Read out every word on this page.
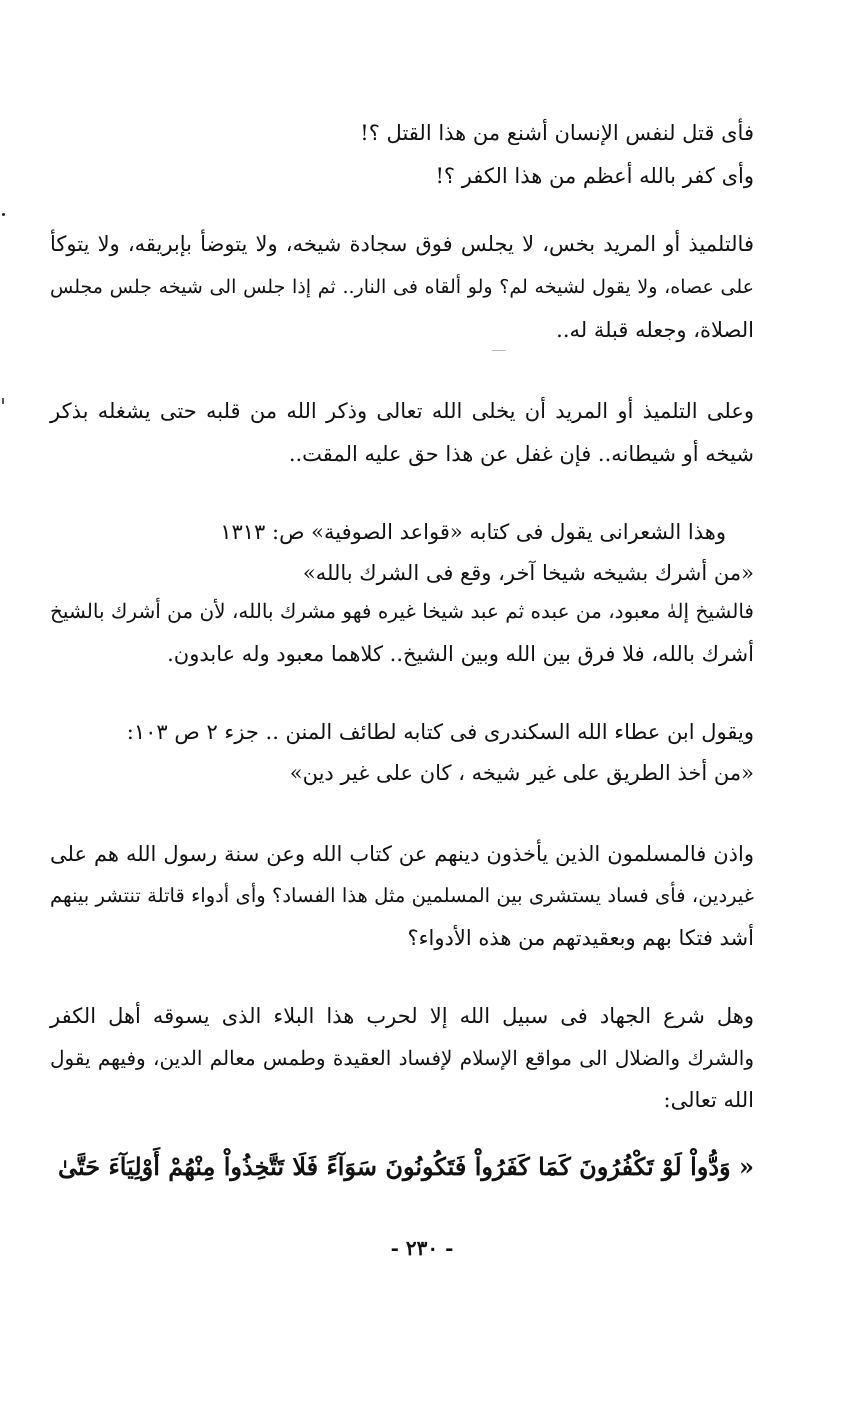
فأى قتل لنفس الإنسان أشنع من هذا القتل ؟!
وأى كفر بالله أعظم من هذا الكفر ؟!
فالتلميذ أو المريد بخس، لا يجلس فوق سجادة شيخه، ولا يتوضأ بإبريقه، ولا يتوكأ
على عصاه، ولا يقول لشيخه لم؟ ولو ألقاه فى النار.. ثم إذا جلس الى شيخه جلس مجلس
الصلاة، وجعله قبلة له..
وعلى التلميذ أو المريد أن يخلى الله تعالى وذكر الله من قلبه حتى يشغله بذكر
شيخه أو شيطانه.. فإن غفل عن هذا حق عليه المقت..
وهذا الشعرانى يقول فى كتابه «قواعد الصوفية» ص: ١٣١٣
«من أشرك بشيخه شيخا آخر، وقع فى الشرك بالله»
فالشيخ إلهٰ معبود، من عبده ثم عبد شيخا غيره فهو مشرك بالله، لأن من أشرك بالشيخ
أشرك بالله، فلا فرق بين الله وبين الشيخ.. كلاهما معبود وله عابدون.
ويقول ابن عطاء الله السكندرى فى كتابه لطائف المنن .. جزء ٢ ص ١٠٣:
«من أخذ الطريق على غير شيخه ، كان على غير دين»
واذن فالمسلمون الذين يأخذون دينهم عن كتاب الله وعن سنة رسول الله هم على
غيردين، فأى فساد يستشرى بين المسلمين مثل هذا الفساد؟ وأى أدواء قاتلة تنتشر بينهم
أشد فتكا بهم وبعقيدتهم من هذه الأدواء؟
وهل شرع الجهاد فى سبيل الله إلا لحرب هذا البلاء الذى يسوقه أهل الكفر
والشرك والضلال الى مواقع الإسلام لإفساد العقيدة وطمس معالم الدين، وفيهم يقول
الله تعالى:
« وَدُّواْ لَوْ تَكْفُرُونَ كَمَا كَفَرُواْ فَتَكُونُونَ سَوَآءً فَلَا تَتَّخِذُواْ مِنْهُمْ أَوْلِيَآءَ حَتَّىٰ
- ٢٣٠ -
